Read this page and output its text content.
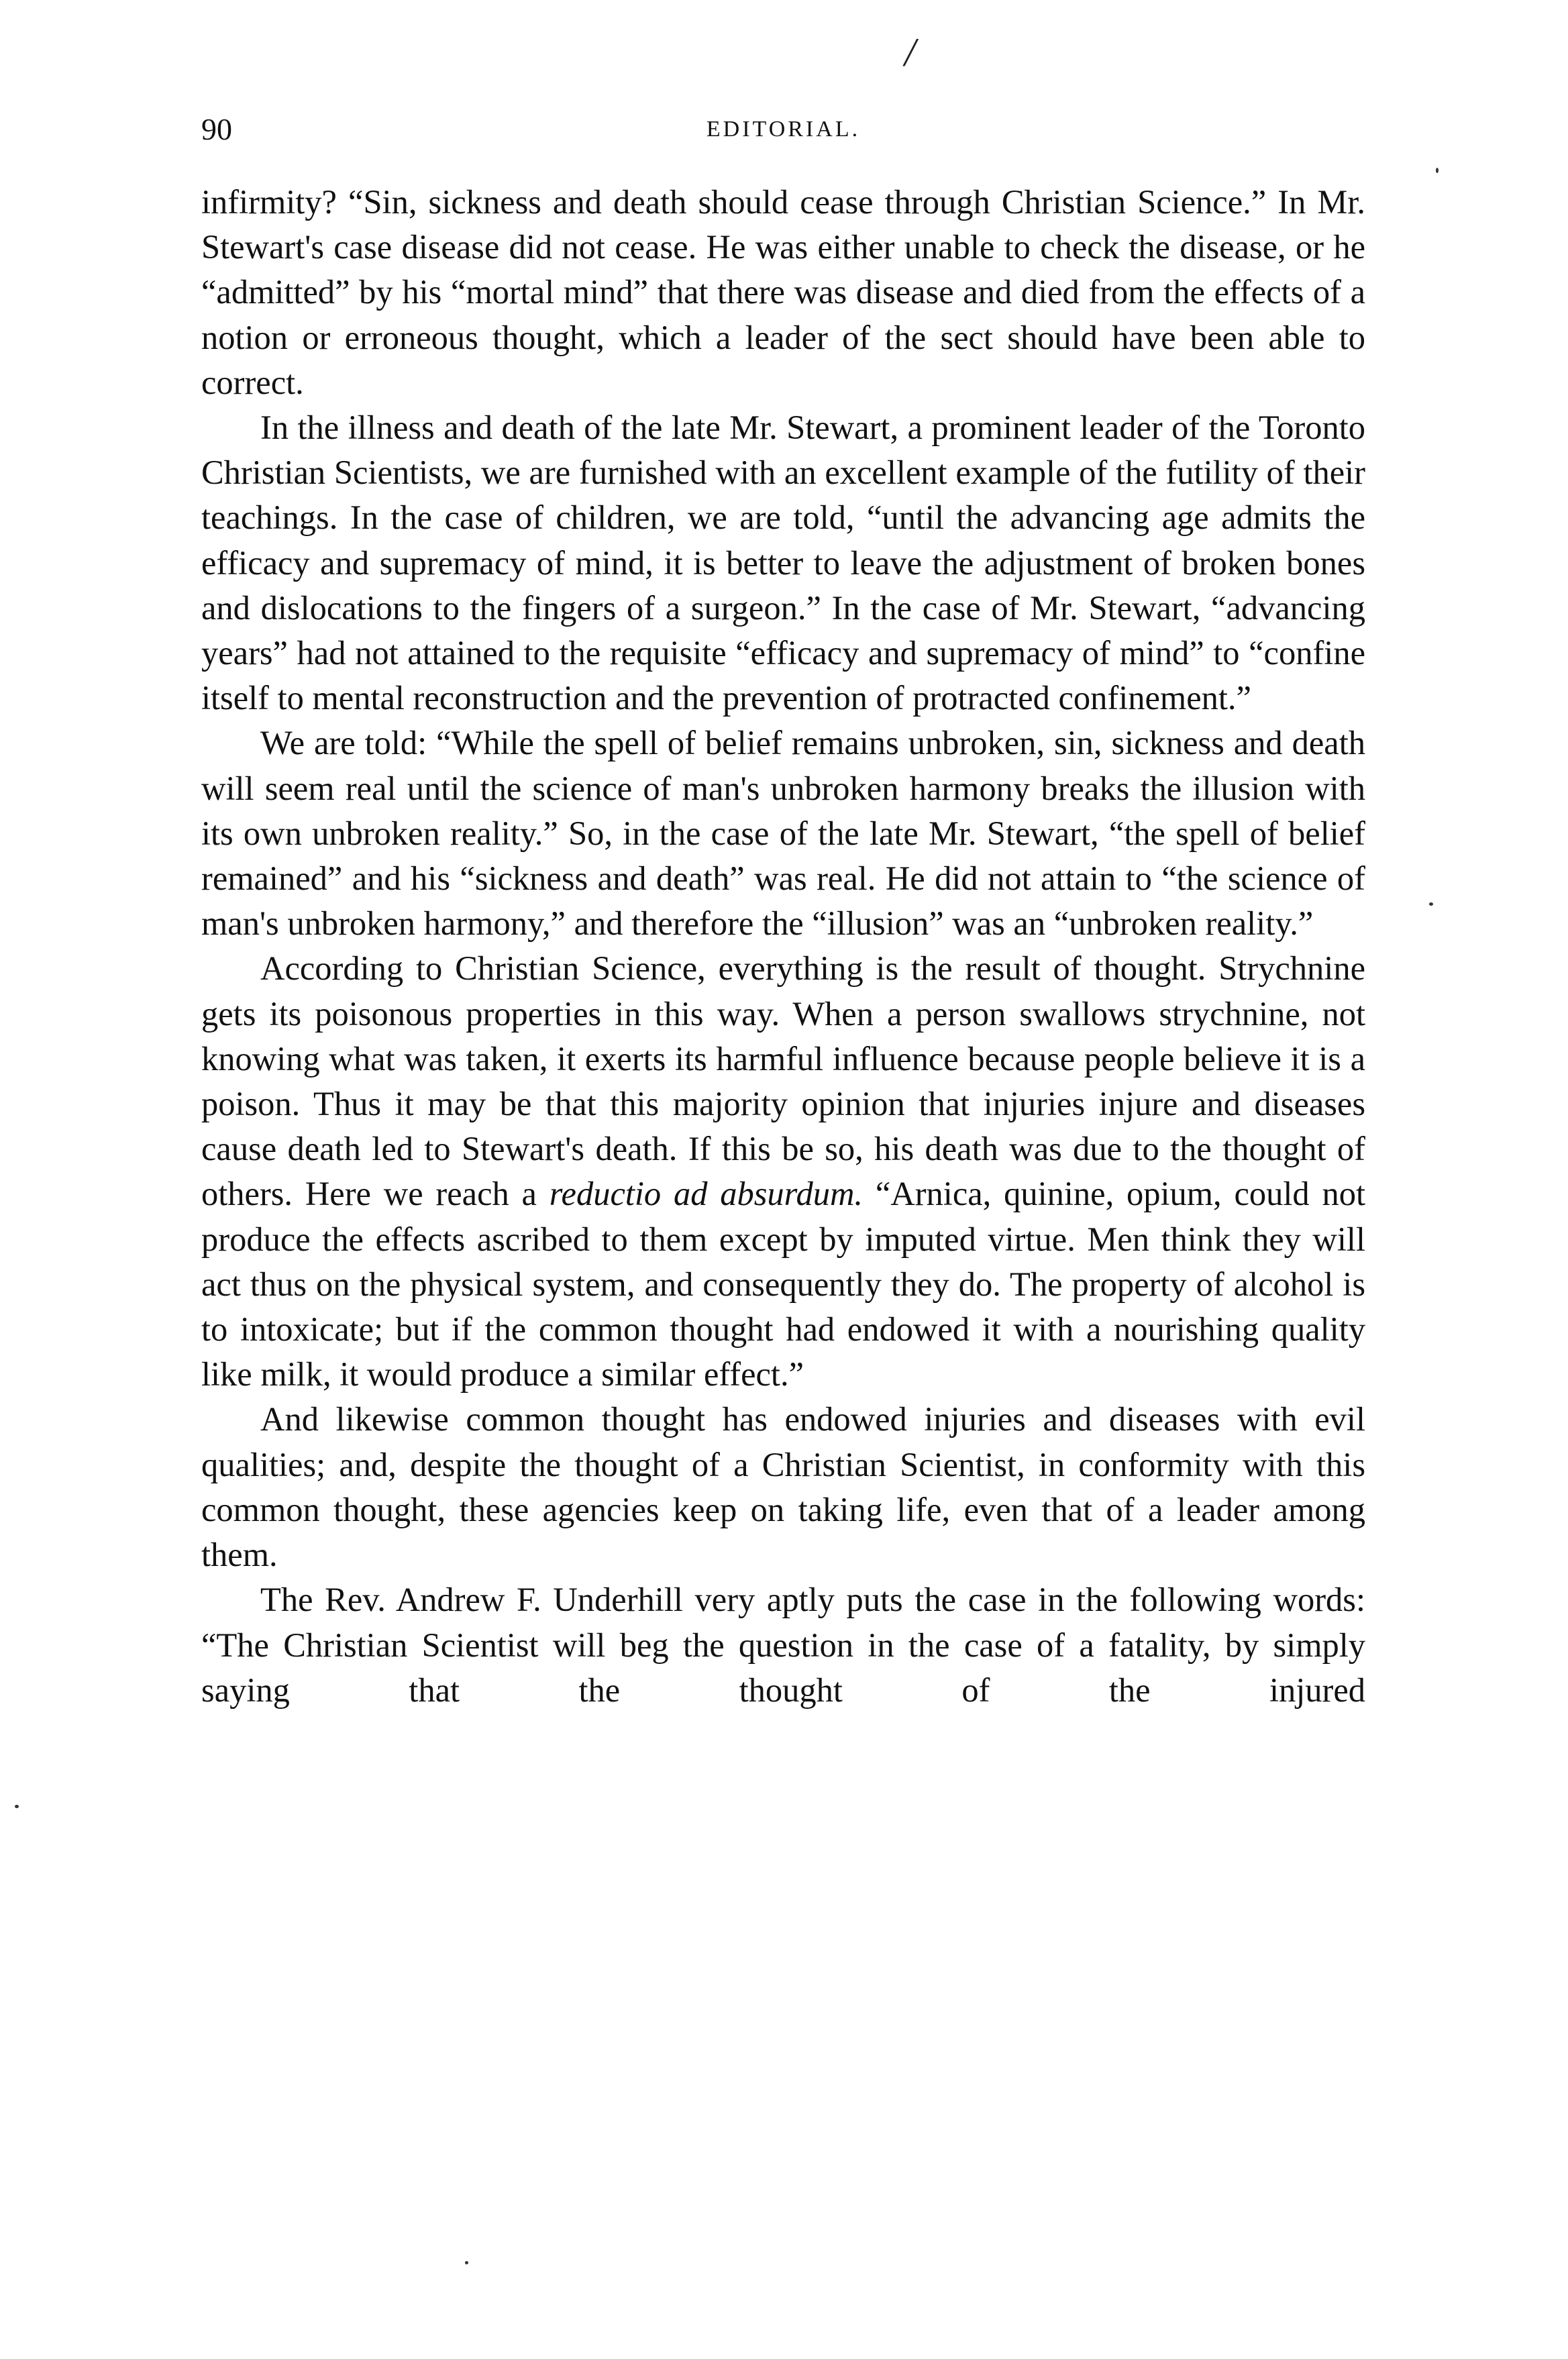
/
90	EDITORIAL.

infirmity? “Sin, sickness and death should cease through Christian Science.” In Mr. Stewart's case disease did not cease. He was either unable to check the disease, or he “admitted” by his “mortal mind” that there was disease and died from the effects of a notion or erroneous thought, which a leader of the sect should have been able to correct.

In the illness and death of the late Mr. Stewart, a prominent leader of the Toronto Christian Scientists, we are furnished with an excellent example of the futility of their teachings. In the case of children, we are told, “until the advancing age admits the efficacy and supremacy of mind, it is better to leave the adjustment of broken bones and dislocations to the fingers of a surgeon.” In the case of Mr. Stewart, “advancing years” had not attained to the requisite “efficacy and supremacy of mind” to “confine itself to mental reconstruction and the prevention of protracted confinement.”

We are told: “While the spell of belief remains unbroken, sin, sickness and death will seem real until the science of man's unbroken harmony breaks the illusion with its own unbroken reality.” So, in the case of the late Mr. Stewart, “the spell of belief remained” and his “sickness and death” was real. He did not attain to “the science of man's unbroken harmony,” and therefore the “illusion” was an “unbroken reality.”

According to Christian Science, everything is the result of thought. Strychnine gets its poisonous properties in this way. When a person swallows strychnine, not knowing what was taken, it exerts its harmful influence because people believe it is a poison. Thus it may be that this majority opinion that injuries injure and diseases cause death led to Stewart's death. If this be so, his death was due to the thought of others. Here we reach a reductio ad absurdum. “Arnica, quinine, opium, could not produce the effects ascribed to them except by imputed virtue. Men think they will act thus on the physical system, and consequently they do. The property of alcohol is to intoxicate; but if the common thought had endowed it with a nourishing quality like milk, it would produce a similar effect.”

And likewise common thought has endowed injuries and diseases with evil qualities; and, despite the thought of a Christian Scientist, in conformity with this common thought, these agencies keep on taking life, even that of a leader among them.

The Rev. Andrew F. Underhill very aptly puts the case in the following words: “The Christian Scientist will beg the question in the case of a fatality, by simply saying that the thought of the injured
